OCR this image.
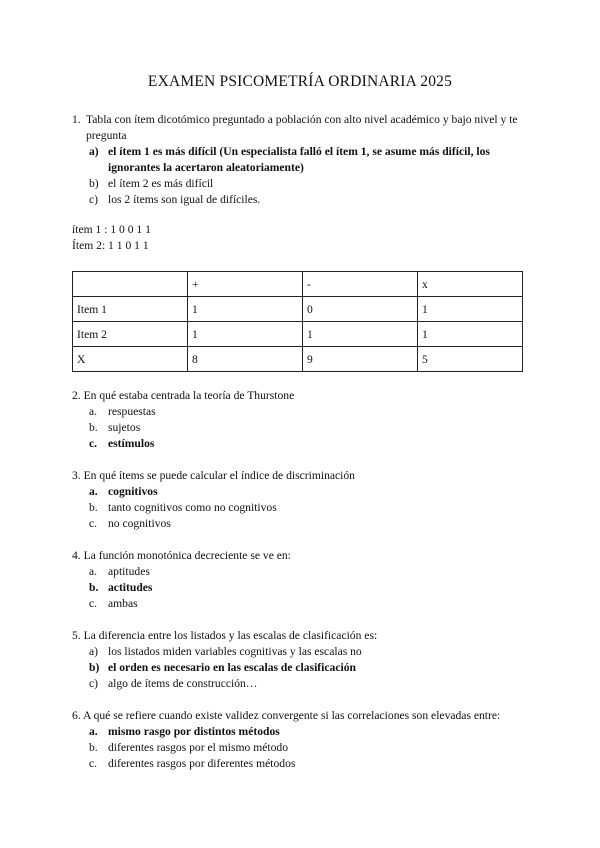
EXAMEN PSICOMETRÍA ORDINARIA 2025
1. Tabla con ítem dicotómico preguntado a población con alto nivel académico y bajo nivel y te pregunta
a) el ítem 1 es más difícil (Un especialista falló el ítem 1, se asume más difícil, los ignorantes la acertaron aleatoriamente)
b) el ítem 2 es más difícil
c) los 2 ítems son igual de difíciles.
ítem 1 : 1 0 0 1 1
Ítem 2: 1 1 0 1 1
	+	-	x
Item 1	1	0	1
Item 2	1	1	1
X	8	9	5
2. En qué estaba centrada la teoría de Thurstone
a. respuestas
b. sujetos
c. estímulos
3. En qué ítems se puede calcular el índice de discriminación
a. cognitivos
b. tanto cognitivos como no cognitivos
c. no cognitivos
4. La función monotónica decreciente se ve en:
a. aptitudes
b. actitudes
c. ambas
5. La diferencia entre los listados y las escalas de clasificación es:
a) los listados miden variables cognitivas y las escalas no
b) el orden es necesario en las escalas de clasificación
c) algo de ítems de construcción…
6. A qué se refiere cuando existe validez convergente si las correlaciones son elevadas entre:
a. mismo rasgo por distintos métodos
b. diferentes rasgos por el mismo método
c. diferentes rasgos por diferentes métodos
